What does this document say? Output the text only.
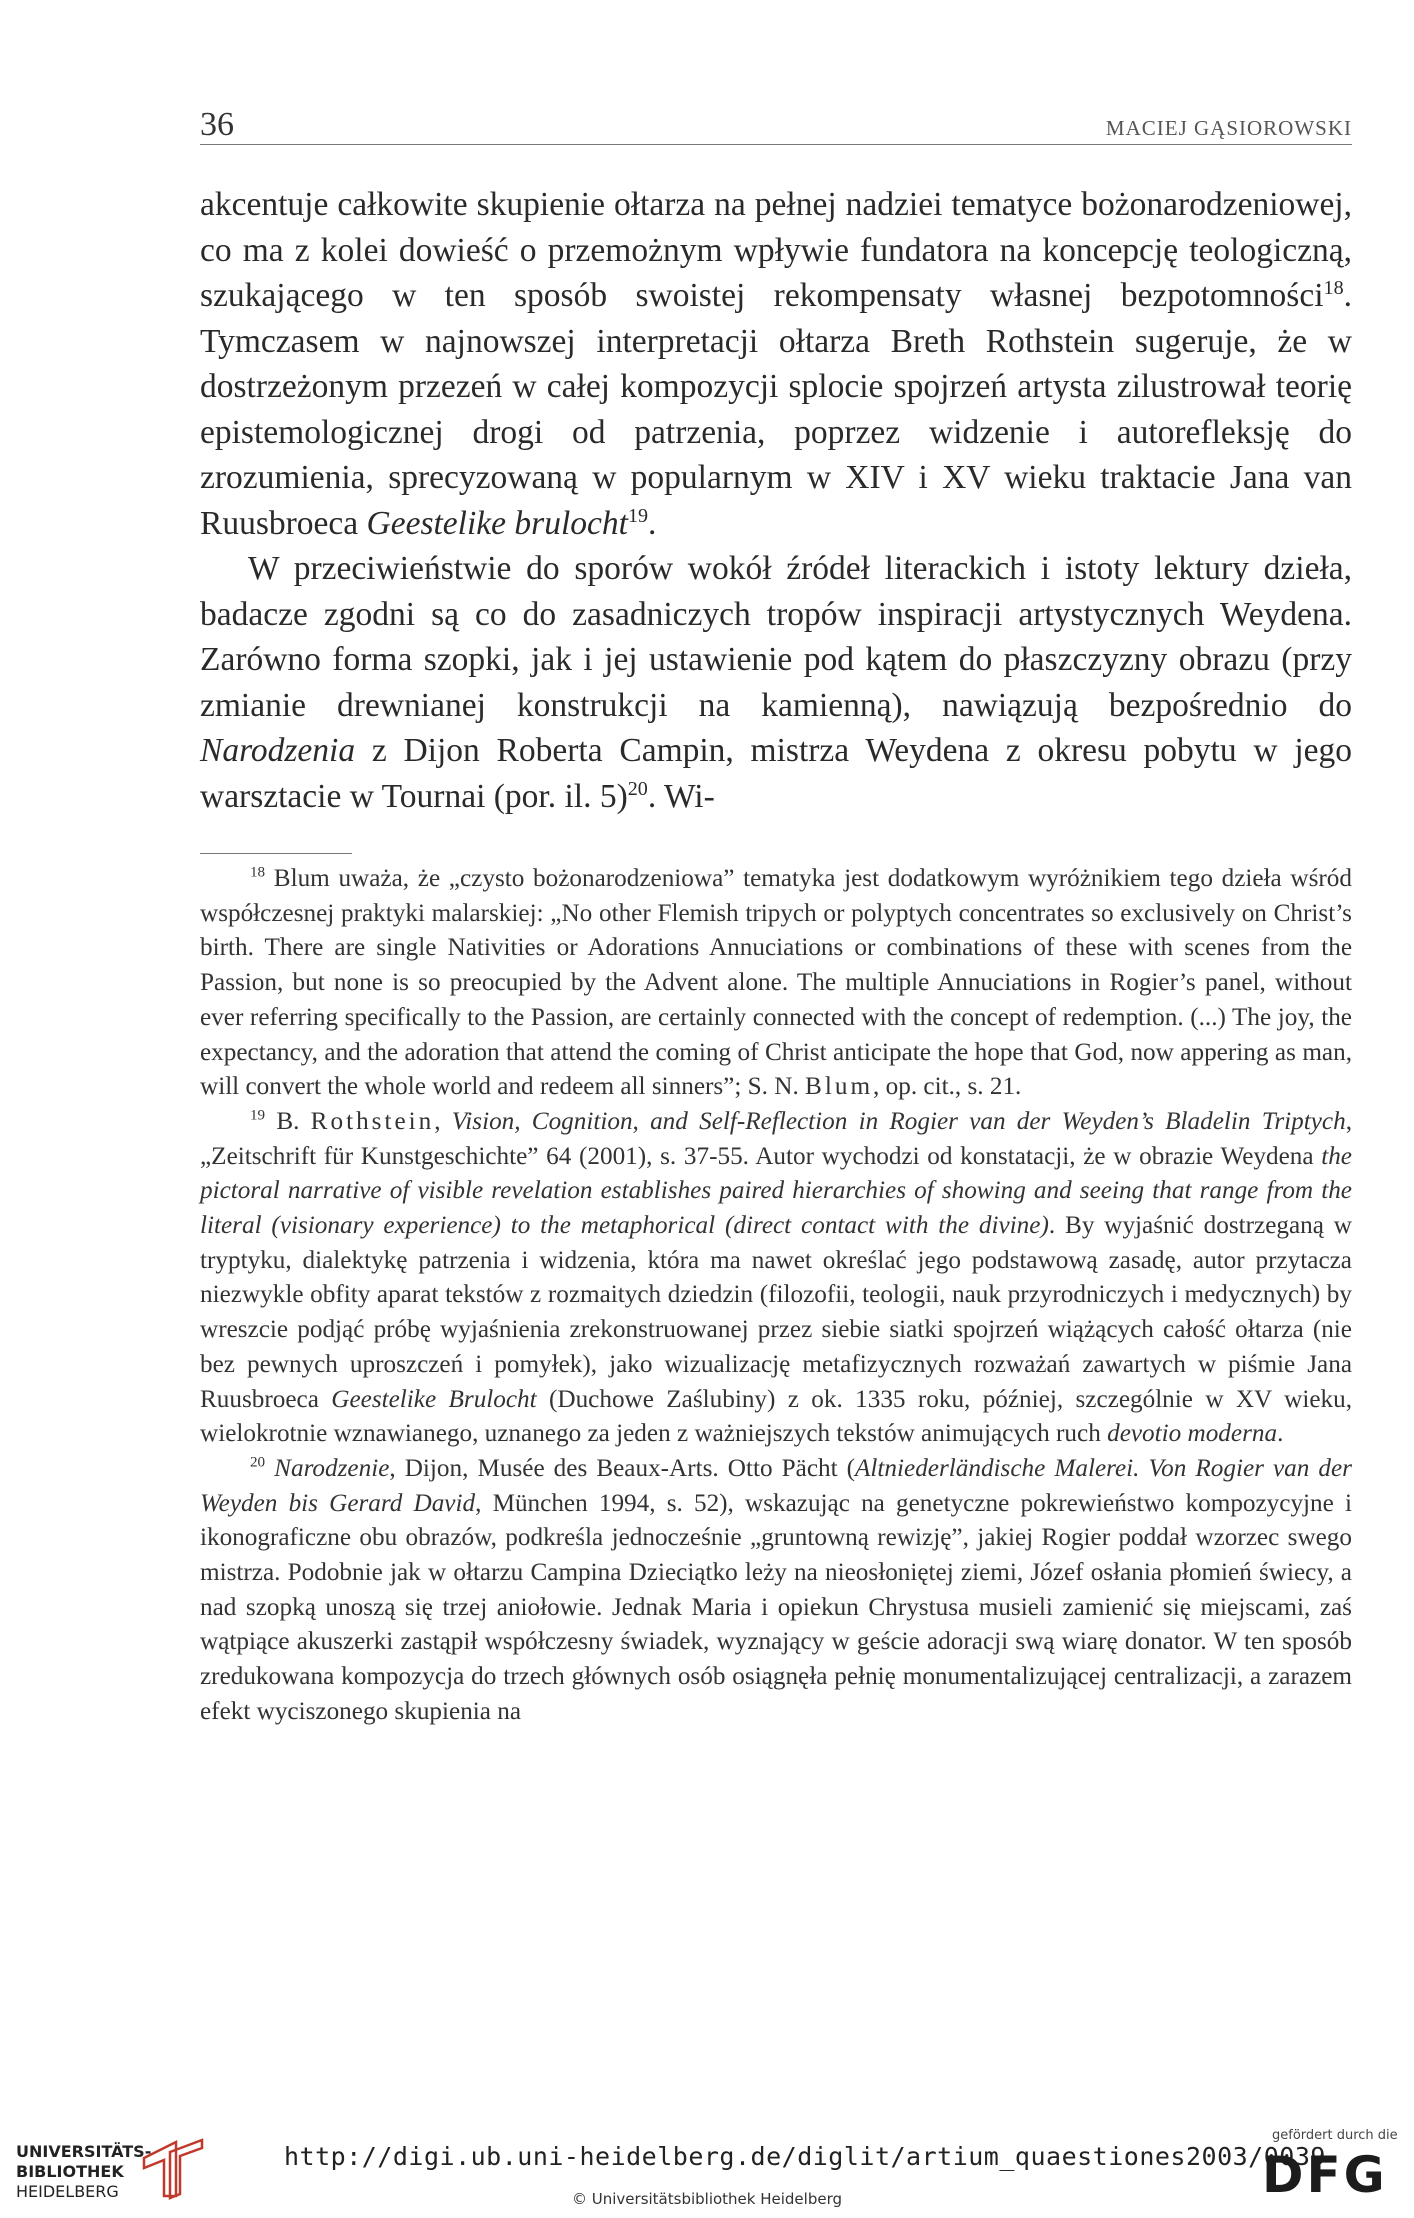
36	MACIEJ GĄSIOROWSKI

akcentuje całkowite skupienie ołtarza na pełnej nadziei tematyce bożonarodzeniowej, co ma z kolei dowieść o przemożnym wpływie fundatora na koncepcję teologiczną, szukającego w ten sposób swoistej rekompensaty własnej bezpotomności$^{18}$. Tymczasem w najnowszej interpretacji ołtarza Breth Rothstein sugeruje, że w dostrzeżonym przezeń w całej kompozycji splocie spojrzeń artysta zilustrował teorię epistemologicznej drogi od patrzenia, poprzez widzenie i autorefleksję do zrozumienia, sprecyzowaną w popularnym w XIV i XV wieku traktacie Jana van Ruusbroeca Geestelike brulocht$^{19}$.

W przeciwieństwie do sporów wokół źródeł literackich i istoty lektury dzieła, badacze zgodni są co do zasadniczych tropów inspiracji artystycznych Weydena. Zarówno forma szopki, jak i jej ustawienie pod kątem do płaszczyzny obrazu (przy zmianie drewnianej konstrukcji na kamienną), nawiązują bezpośrednio do Narodzenia z Dijon Roberta Campin, mistrza Weydena z okresu pobytu w jego warsztacie w Tournai (por. il. 5)$^{20}$. Wi-

$^{18}$ Blum uważa, że „czysto bożonarodzeniowa” tematyka jest dodatkowym wyróżnikiem tego dzieła wśród współczesnej praktyki malarskiej: „No other Flemish tripych or polyptych concentrates so exclusively on Christ’s birth. There are single Nativities or Adorations Annuciations or combinations of these with scenes from the Passion, but none is so preocupied by the Advent alone. The multiple Annuciations in Rogier’s panel, without ever referring specifically to the Passion, are certainly connected with the concept of redemption. (...) The joy, the expectancy, and the adoration that attend the coming of Christ anticipate the hope that God, now appering as man, will convert the whole world and redeem all sinners”; S. N. Blum, op. cit., s. 21.

$^{19}$ B. Rothstein, Vision, Cognition, and Self-Reflection in Rogier van der Weyden’s Bladelin Triptych, „Zeitschrift für Kunstgeschichte” 64 (2001), s. 37-55. Autor wychodzi od konstatacji, że w obrazie Weydena the pictoral narrative of visible revelation establishes paired hierarchies of showing and seeing that range from the literal (visionary experience) to the metaphorical (direct contact with the divine). By wyjaśnić dostrzeganą w tryptyku, dialektykę patrzenia i widzenia, która ma nawet określać jego podstawową zasadę, autor przytacza niezwykle obfity aparat tekstów z rozmaitych dziedzin (filozofii, teologii, nauk przyrodniczych i medycznych) by wreszcie podjąć próbę wyjaśnienia zrekonstruowanej przez siebie siatki spojrzeń wiążących całość ołtarza (nie bez pewnych uproszczeń i pomyłek), jako wizualizację metafizycznych rozważań zawartych w piśmie Jana Ruusbroeca Geestelike Brulocht (Duchowe Zaślubiny) z ok. 1335 roku, później, szczególnie w XV wieku, wielokrotnie wznawianego, uznanego za jeden z ważniejszych tekstów animujących ruch devotio moderna.

$^{20}$ Narodzenie, Dijon, Musée des Beaux-Arts. Otto Pächt (Altniederländische Malerei. Von Rogier van der Weyden bis Gerard David, München 1994, s. 52), wskazując na genetyczne pokrewieństwo kompozycyjne i ikonograficzne obu obrazów, podkreśla jednocześnie „gruntowną rewizję”, jakiej Rogier poddał wzorzec swego mistrza. Podobnie jak w ołtarzu Campina Dzieciątko leży na nieosłoniętej ziemi, Józef osłania płomień świecy, a nad szopką unoszą się trzej aniołowie. Jednak Maria i opiekun Chrystusa musieli zamienić się miejscami, zaś wątpiące akuszerki zastąpił współczesny świadek, wyznający w geście adoracji swą wiarę donator. W ten sposób zredukowana kompozycja do trzech głównych osób osiągnęła pełnię monumentalizującej centralizacji, a zarazem efekt wyciszonego skupienia na

UNIVERSITÄTS-
BIBLIOTHEK
HEIDELBERG
http://digi.ub.uni-heidelberg.de/diglit/artium_quaestiones2003/0039
© Universitätsbibliothek Heidelberg
gefördert durch die
DFG
